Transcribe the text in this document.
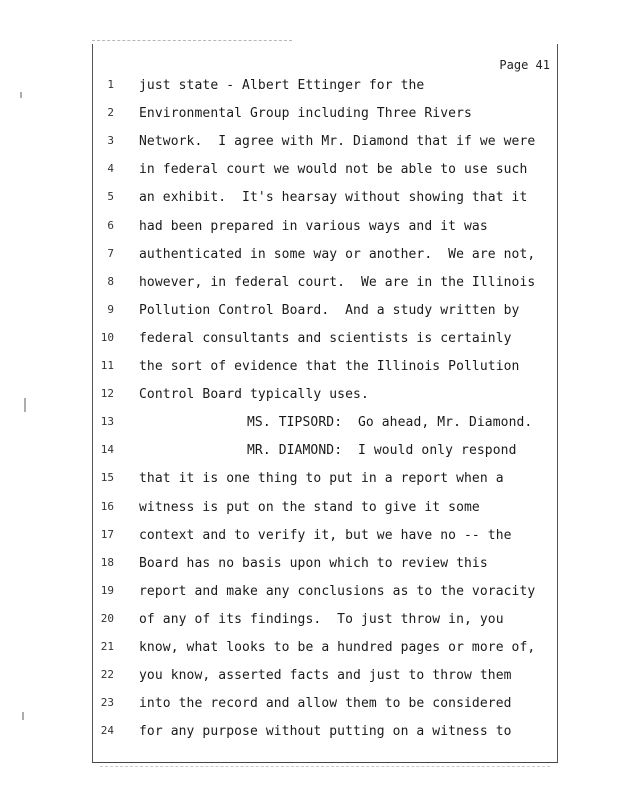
Page 41
1 just state - Albert Ettinger for the
2 Environmental Group including Three Rivers
3 Network.  I agree with Mr. Diamond that if we were
4 in federal court we would not be able to use such
5 an exhibit.  It's hearsay without showing that it
6 had been prepared in various ways and it was
7 authenticated in some way or another.  We are not,
8 however, in federal court.  We are in the Illinois
9 Pollution Control Board.  And a study written by
10 federal consultants and scientists is certainly
11 the sort of evidence that the Illinois Pollution
12 Control Board typically uses.
13	MS. TIPSORD:  Go ahead, Mr. Diamond.
14	MR. DIAMOND:  I would only respond
15 that it is one thing to put in a report when a
16 witness is put on the stand to give it some
17 context and to verify it, but we have no -- the
18 Board has no basis upon which to review this
19 report and make any conclusions as to the voracity
20 of any of its findings.  To just throw in, you
21 know, what looks to be a hundred pages or more of,
22 you know, asserted facts and just to throw them
23 into the record and allow them to be considered
24 for any purpose without putting on a witness to
